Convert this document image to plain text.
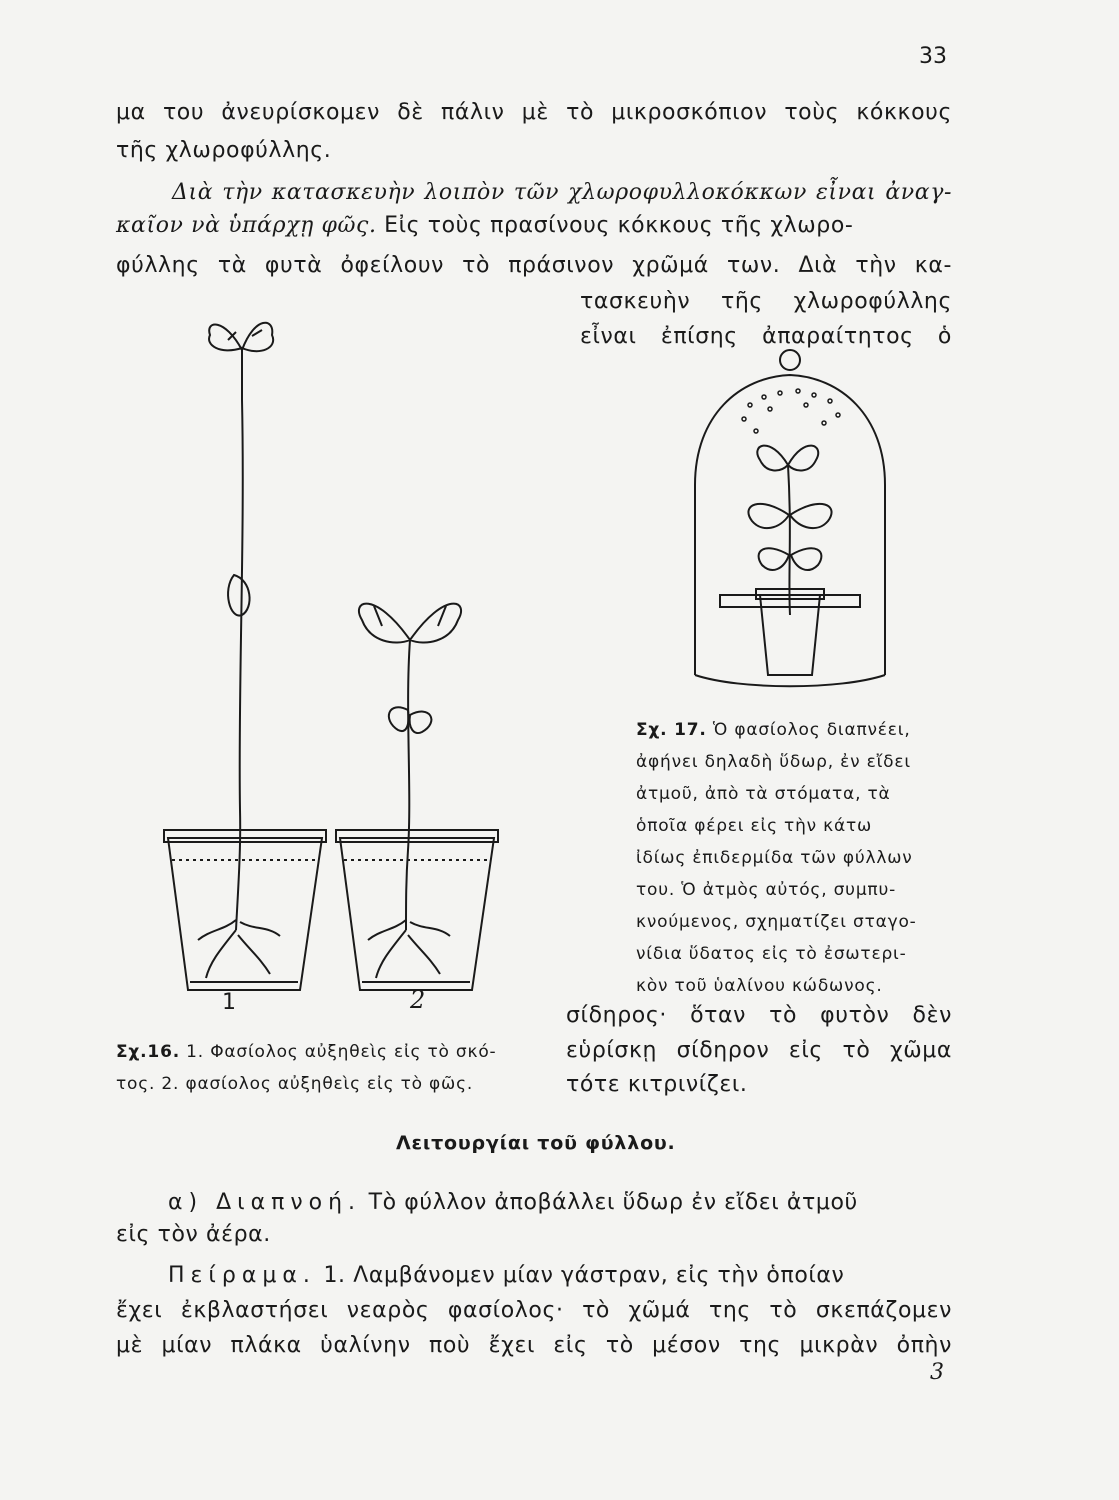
33
μα του ἀνευρίσκομεν δὲ πάλιν μὲ τὸ μικροσκόπιον τοὺς κόκκους
τῆς χλωροφύλλης.
Διὰ τὴν κατασκευὴν λοιπὸν τῶν χλωροφυλλοκόκκων εἶναι ἀναγ-
καῖον νὰ ὑπάρχῃ φῶς. Εἰς τοὺς πρασίνους κόκκους τῆς χλωρο-
φύλλης τὰ φυτὰ ὀφείλουν τὸ πράσινον χρῶμά των. Διὰ τὴν κα-
τασκευὴν τῆς χλωροφύλλης
εἶναι ἐπίσης ἀπαραίτητος ὁ
1	2
Σχ.16. 1. Φασίολος αὐξηθεὶς εἰς τὸ σκό-
τος. 2. φασίολος αὐξηθεὶς εἰς τὸ φῶς.
Σχ. 17. Ὁ φασίολος διαπνέει,
ἀφήνει δηλαδὴ ὕδωρ, ἐν εἴδει
ἀτμοῦ, ἀπὸ τὰ στόματα, τὰ
ὁποῖα φέρει εἰς τὴν κάτω
ἰδίως ἐπιδερμίδα τῶν φύλλων
του. Ὁ ἀτμὸς αὐτός, συμπυ-
κνούμενος, σχηματίζει σταγο-
νίδια ὕδατος εἰς τὸ ἐσωτερι-
κὸν τοῦ ὑαλίνου κώδωνος.
σίδηρος· ὅταν τὸ φυτὸν δὲν
εὑρίσκῃ σίδηρον εἰς τὸ χῶμα
τότε κιτρινίζει.
Λειτουργίαι τοῦ φύλλου.
α) Διαπνοή. Τὸ φύλλον ἀποβάλλει ὕδωρ ἐν εἴδει ἀτμοῦ
εἰς τὸν ἀέρα.
Πείραμα. 1. Λαμβάνομεν μίαν γάστραν, εἰς τὴν ὁποίαν
ἔχει ἐκβλαστήσει νεαρὸς φασίολος· τὸ χῶμά της τὸ σκεπάζομεν
μὲ μίαν πλάκα ὑαλίνην ποὺ ἔχει εἰς τὸ μέσον της μικρὰν ὀπὴν
3
